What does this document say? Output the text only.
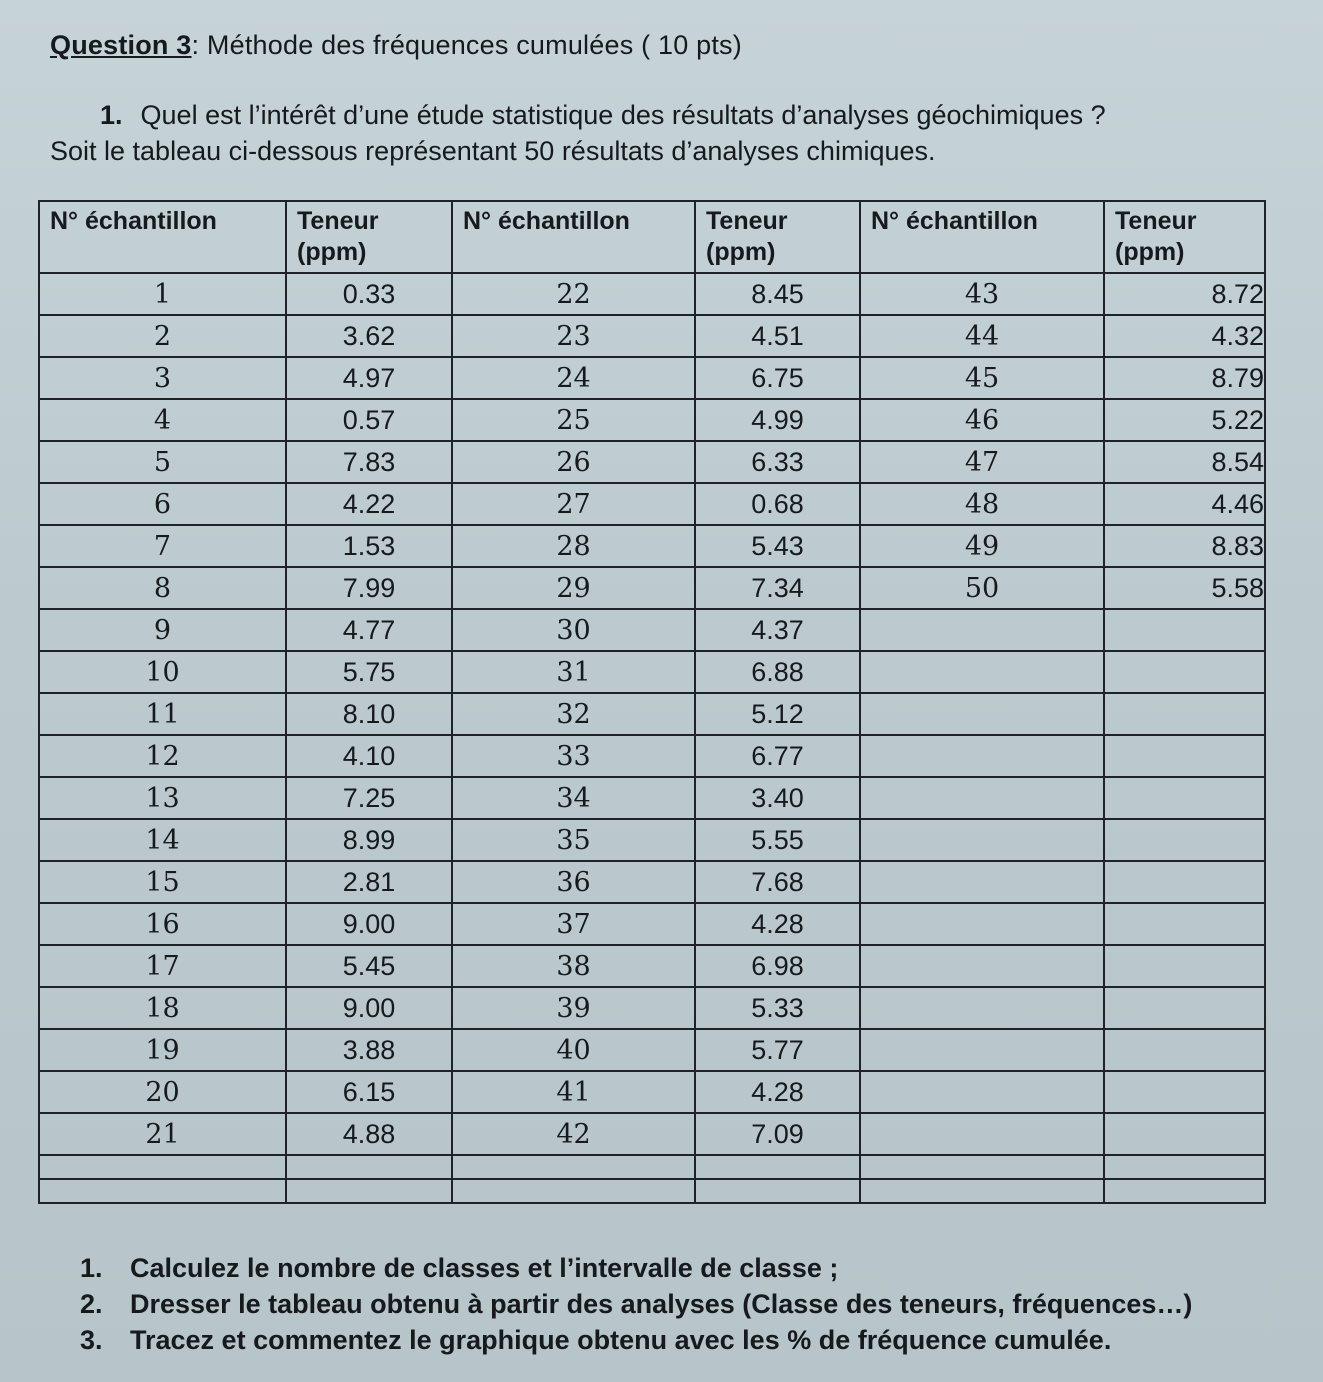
Question 3: Méthode des fréquences cumulées ( 10 pts)
1. Quel est l’intérêt d’une étude statistique des résultats d’analyses géochimiques ?
Soit le tableau ci-dessous représentant 50 résultats d’analyses chimiques.
N° échantillon	Teneur (ppm)	N° échantillon	Teneur (ppm)	N° échantillon	Teneur (ppm)
1	0.33	22	8.45	43	8.72
2	3.62	23	4.51	44	4.32
3	4.97	24	6.75	45	8.79
4	0.57	25	4.99	46	5.22
5	7.83	26	6.33	47	8.54
6	4.22	27	0.68	48	4.46
7	1.53	28	5.43	49	8.83
8	7.99	29	7.34	50	5.58
9	4.77	30	4.37		
10	5.75	31	6.88		
11	8.10	32	5.12		
12	4.10	33	6.77		
13	7.25	34	3.40		
14	8.99	35	5.55		
15	2.81	36	7.68		
16	9.00	37	4.28		
17	5.45	38	6.98		
18	9.00	39	5.33		
19	3.88	40	5.77		
20	6.15	41	4.28		
21	4.88	42	7.09		

1.	Calculez le nombre de classes et l’intervalle de classe ;
2.	Dresser le tableau obtenu à partir des analyses (Classe des teneurs, fréquences…)
3.	Tracez et commentez le graphique obtenu avec les % de fréquence cumulée.
